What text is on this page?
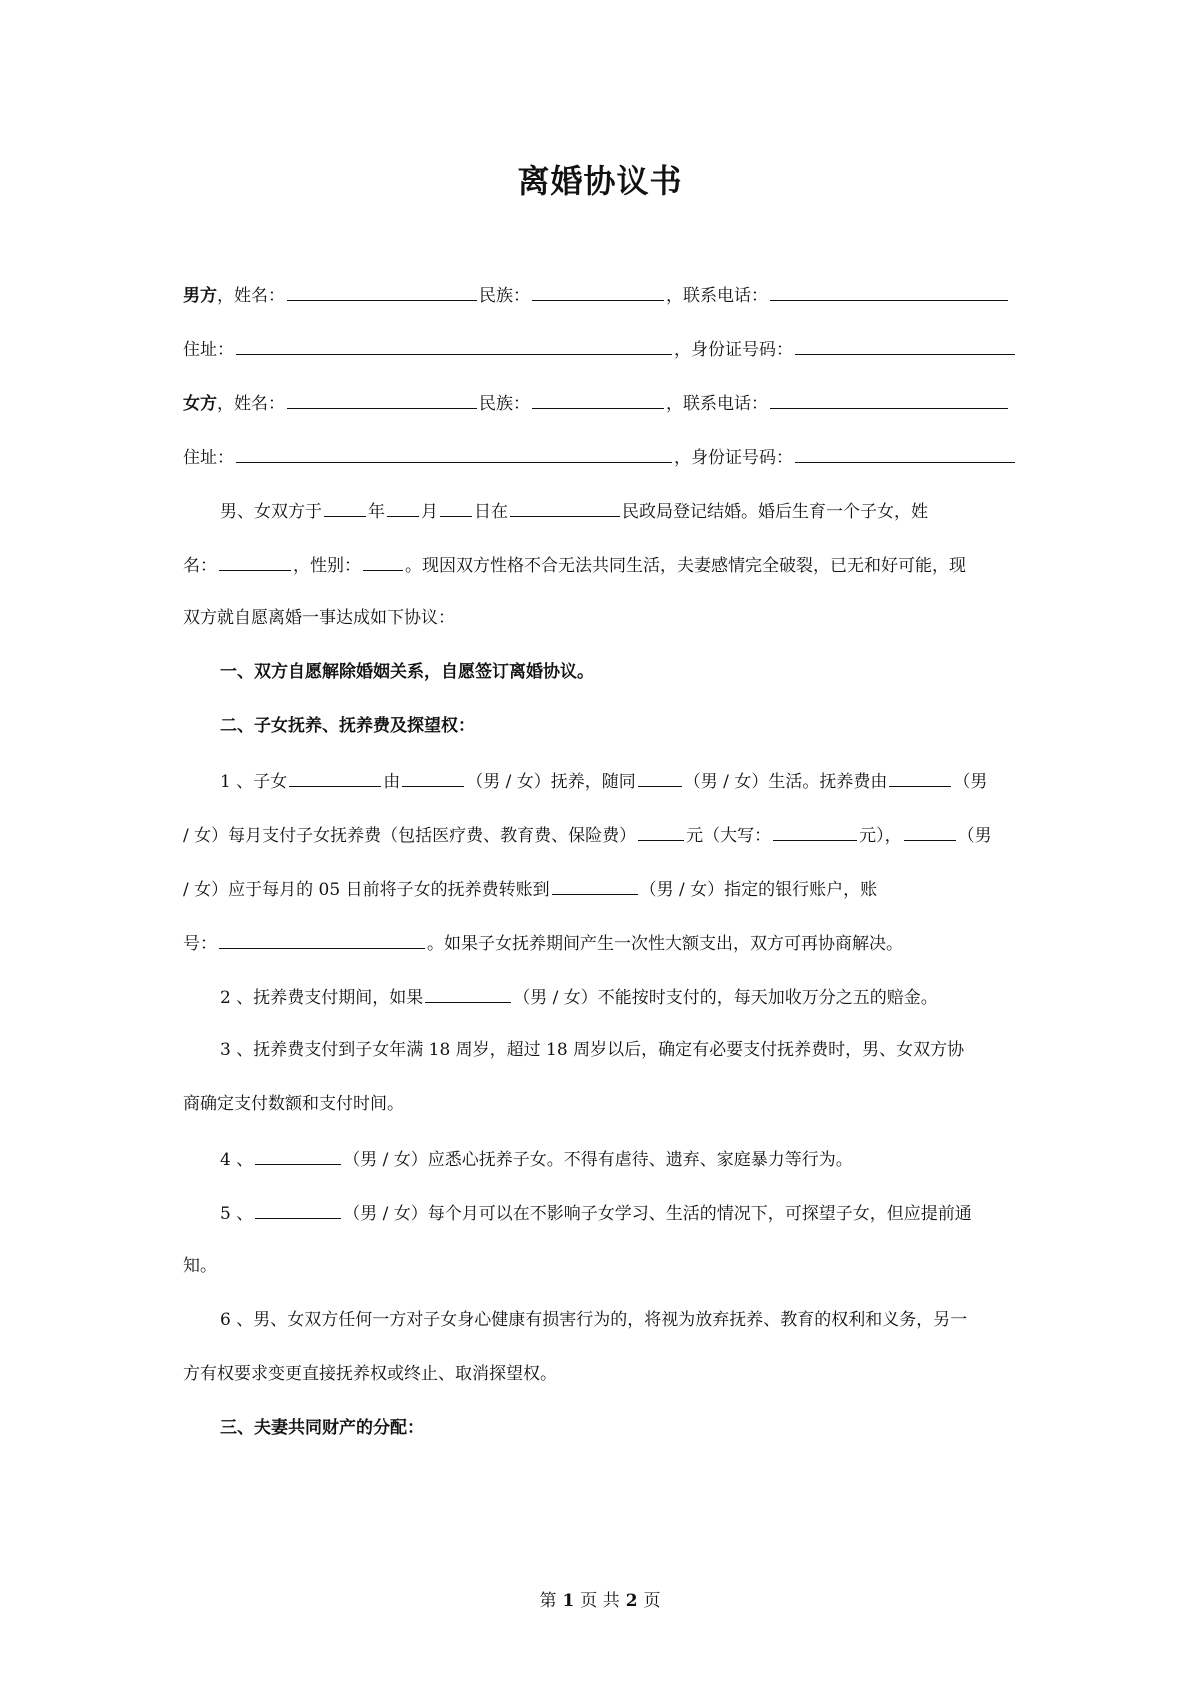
离婚协议书
男方，姓名：	民族：	，联系电话：
住址：	，身份证号码：
女方，姓名：	民族：	，联系电话：
住址：	，身份证号码：
男、女双方于	年 月 日在	民政局登记结婚。婚后生育一个子女，姓
名：	，性别：	。现因双方性格不合无法共同生活，夫妻感情完全破裂，已无和好可能，现
双方就自愿离婚一事达成如下协议：
一、双方自愿解除婚姻关系，自愿签订离婚协议。
二、子女抚养、抚养费及探望权：
1 、子女	由	（男 / 女）抚养，随同	（男 / 女）生活。抚养费由	（男
/ 女）每月支付子女抚养费（包括医疗费、教育费、保险费）	元（大写：	元），	（男
/ 女）应于每月的 05 日前将子女的抚养费转账到	（男 / 女）指定的银行账户，账
号：	。如果子女抚养期间产生一次性大额支出，双方可再协商解决。
2 、抚养费支付期间，如果	（男 / 女）不能按时支付的，每天加收万分之五的赔金。
3 、抚养费支付到子女年满 18 周岁，超过 18 周岁以后，确定有必要支付抚养费时，男、女双方协
商确定支付数额和支付时间。
4 、	（男 / 女）应悉心抚养子女。不得有虐待、遗弃、家庭暴力等行为。
5 、	（男 / 女）每个月可以在不影响子女学习、生活的情况下，可探望子女，但应提前通
知。
6 、男、女双方任何一方对子女身心健康有损害行为的，将视为放弃抚养、教育的权利和义务，另一
方有权要求变更直接抚养权或终止、取消探望权。
三、夫妻共同财产的分配：
第 1 页 共 2 页
